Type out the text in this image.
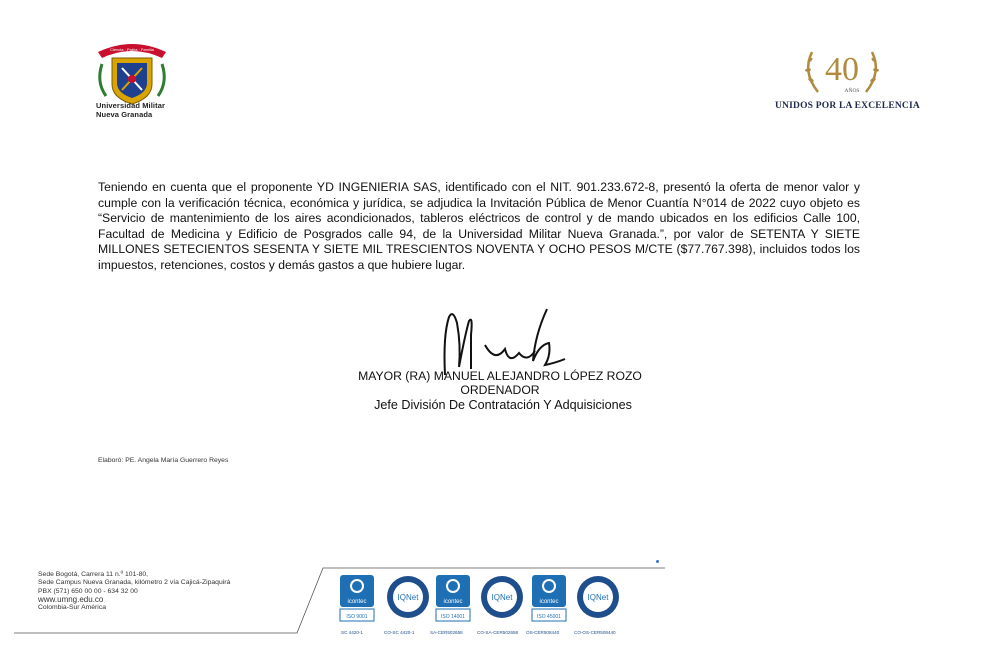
Ciencia · Patria · Familia
Universidad Militar
Nueva Granada
40
AÑOS
UNIDOS POR LA EXCELENCIA
Teniendo en cuenta que el proponente YD INGENIERIA SAS, identificado con el NIT. 901.233.672-8, presentó la oferta de menor valor y cumple con la verificación técnica, económica y jurídica, se adjudica la Invitación Pública de Menor Cuantía N°014 de 2022 cuyo objeto es “Servicio de mantenimiento de los aires acondicionados, tableros eléctricos de control y de mando ubicados en los edificios Calle 100, Facultad de Medicina y Edificio de Posgrados calle 94, de la Universidad Militar Nueva Granada.”, por valor de SETENTA Y SIETE MILLONES SETECIENTOS SESENTA Y SIETE MIL TRESCIENTOS NOVENTA Y OCHO PESOS M/CTE ($77.767.398), incluidos todos los impuestos, retenciones, costos y demás gastos a que hubiere lugar.
MAYOR (RA) MANUEL ALEJANDRO LÓPEZ ROZO
ORDENADOR
Jefe División De Contratación Y Adquisiciones
Elaboró: PE. Angela María Guerrero Reyes
Sede Bogotá, Carrera 11 n.º 101-80,
Sede Campus Nueva Granada, kilómetro 2 vía Cajicá-Zipaquirá
PBX (571) 650 00 00 - 634 32 00
www.umng.edu.co
Colombia-Sur América
icontec
ISO 9001
SC 4420-1
IQNet
CO-SC 4420-1
icontec
ISO 14001
SA-CER502658
IQNet
CO-SA-CER502658
icontec
ISO 45001
OS-CER508440
IQNet
CO-OS-CER508440
